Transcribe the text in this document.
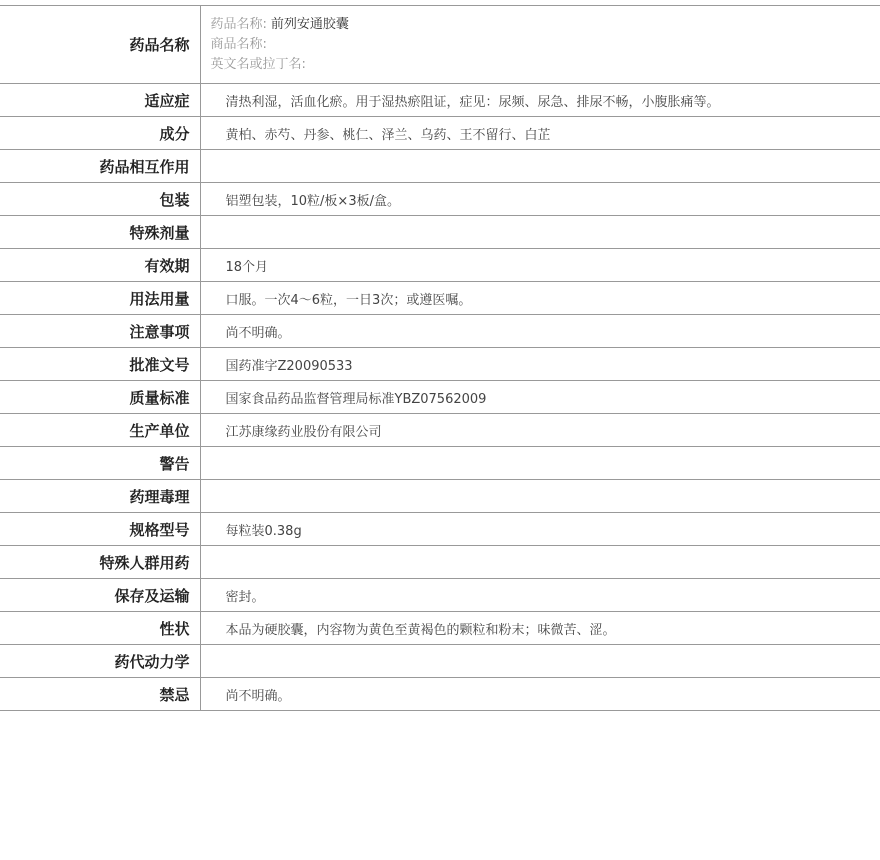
药品名称	药品名称: 前列安通胶囊
商品名称:
英文名或拉丁名:

适应症	清热利湿，活血化瘀。用于湿热瘀阻证，症见：尿频、尿急、排尿不畅，小腹胀痛等。
成分	黄柏、赤芍、丹参、桃仁、泽兰、乌药、王不留行、白芷
药品相互作用	
包装	铝塑包装，10粒/板×3板/盒。
特殊剂量	
有效期	18个月
用法用量	口服。一次4～6粒，一日3次；或遵医嘱。
注意事项	尚不明确。
批准文号	国药准字Z20090533
质量标准	国家食品药品监督管理局标准YBZ07562009
生产单位	江苏康缘药业股份有限公司
警告	
药理毒理	
规格型号	每粒装0.38g
特殊人群用药	
保存及运输	密封。
性状	本品为硬胶囊，内容物为黄色至黄褐色的颗粒和粉末；味微苦、涩。
药代动力学	
禁忌	尚不明确。
